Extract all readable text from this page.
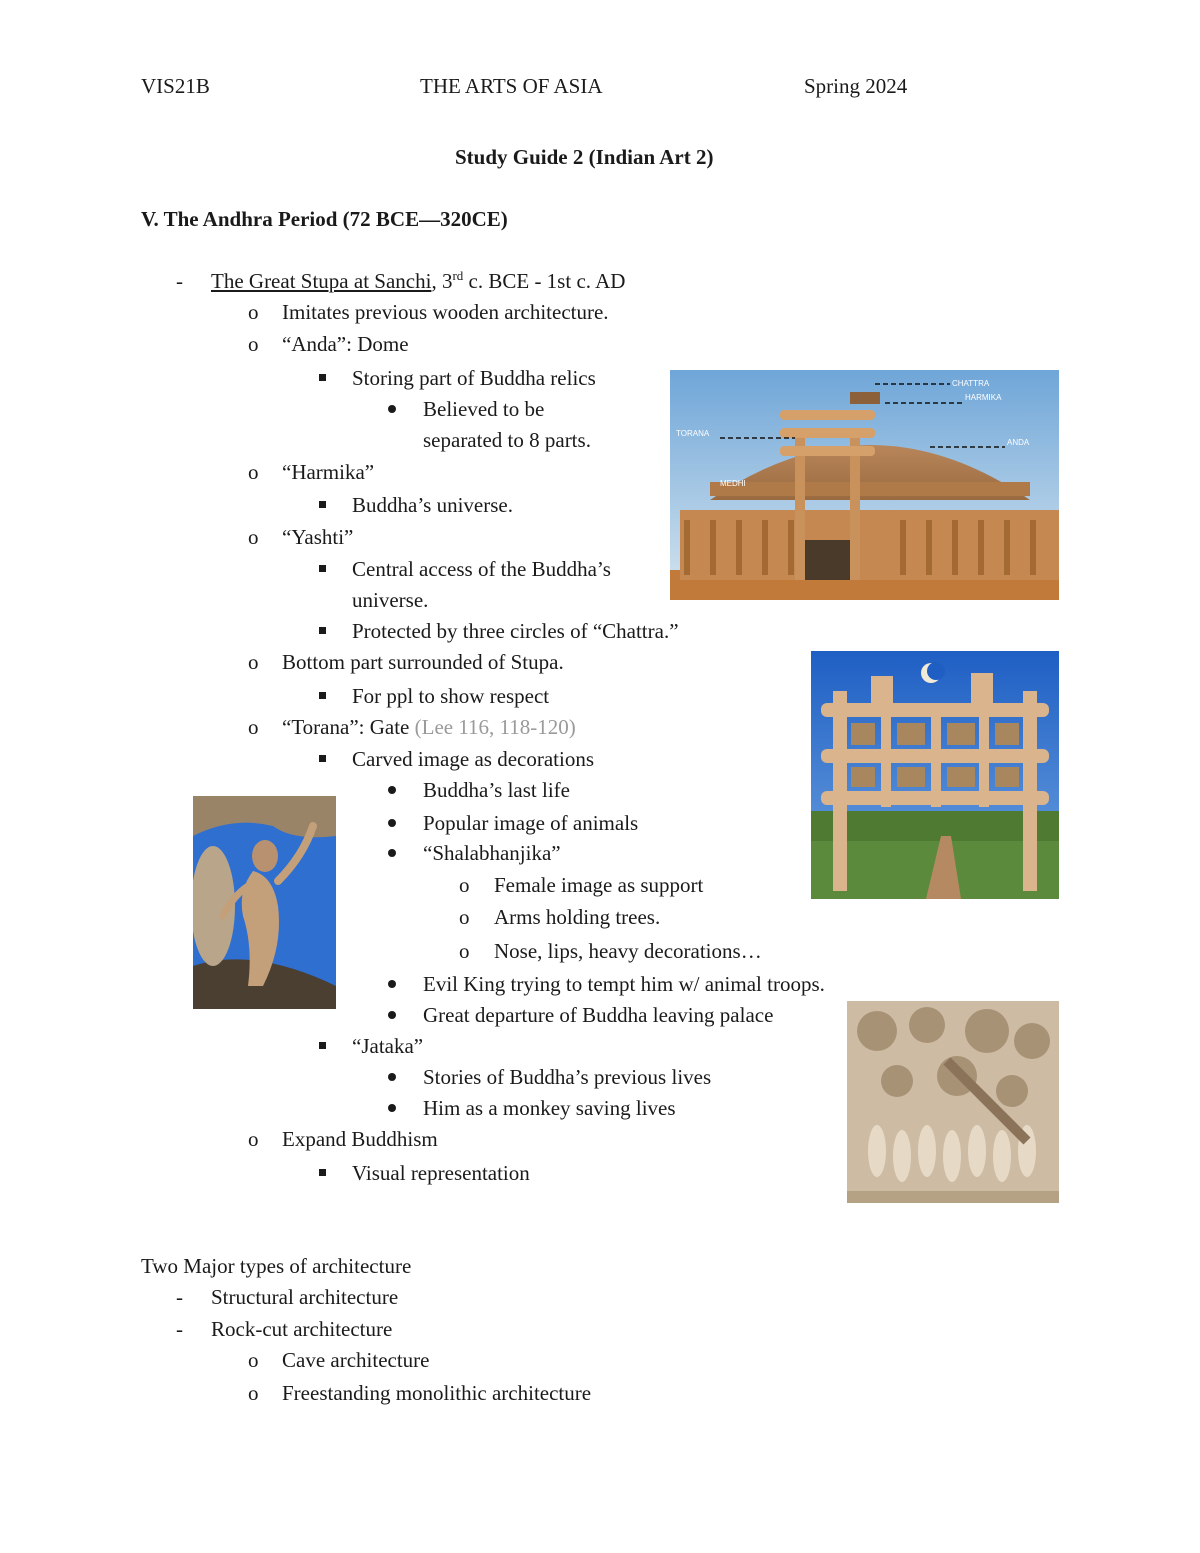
VIS21B	THE ARTS OF ASIA	Spring 2024
Study Guide 2 (Indian Art 2)
V. The Andhra Period (72 BCE—320CE)
- The Great Stupa at Sanchi, 3rd c. BCE - 1st c. AD
o Imitates previous wooden architecture.
o “Anda”: Dome
Storing part of Buddha relics
Believed to be
separated to 8 parts.
o “Harmika”
Buddha’s universe.
o “Yashti”
Central access of the Buddha’s
universe.
Protected by three circles of “Chattra.”
o Bottom part surrounded of Stupa.
For ppl to show respect
o “Torana”: Gate (Lee 116, 118-120)
Carved image as decorations
Buddha’s last life
Popular image of animals
“Shalabhanjika”
o Female image as support
o Arms holding trees.
o Nose, lips, heavy decorations…
Evil King trying to tempt him w/ animal troops.
Great departure of Buddha leaving palace
“Jataka”
Stories of Buddha’s previous lives
Him as a monkey saving lives
o Expand Buddhism
Visual representation
Two Major types of architecture
- Structural architecture
- Rock-cut architecture
o Cave architecture
o Freestanding monolithic architecture
CHATTRA
HARMIKA
TORANA
ANDA
MEDHI
